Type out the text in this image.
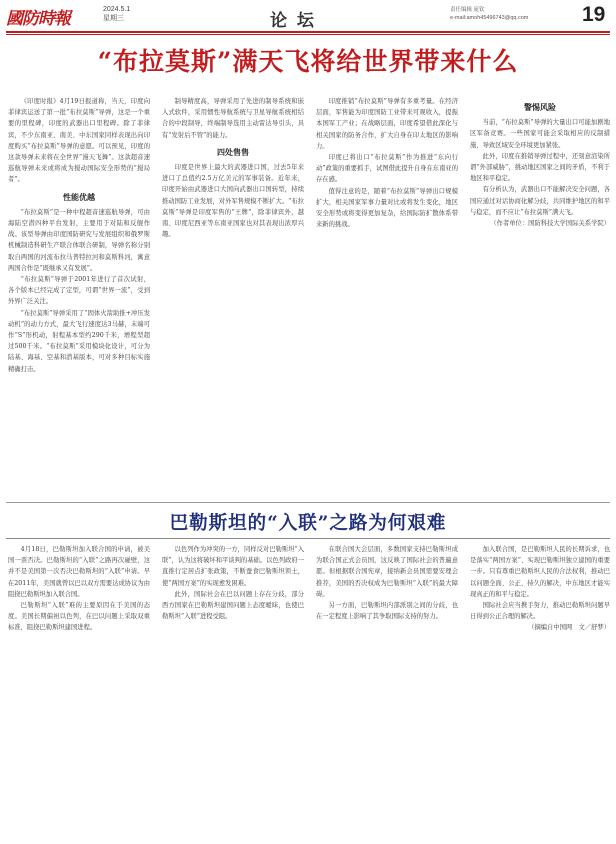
國防時報	2024.5.1
星期三	论 坛
责任编辑 庞钦
e-mail:amoh45496743@qq.com	19
“布拉莫斯”满天飞将给世界带来什么

《印度时报》4月19日报道称，当天，印度向菲律宾运送了第一批“布拉莫斯”导弹，这是一个重要的里程碑，印度的武器出口里程碑。除了菲律宾，不少东南亚、南美、中东国家同样表现出向印度购买“布拉莫斯”导弹的意愿。可以预见，印度的这款导弹未来将在全世界“漫天飞舞”。这款超音速巡航导弹未来或将成为搅动国际安全形势的“搅局者”。

性能优越

“布拉莫斯”是一种中程超音速巡航导弹，可由海陆空潜四种平台发射，主要用于对陆和反舰作战。该型导弹由印度国防研究与发展组织和俄罗斯机械制造科研生产联合体联合研制，导弹名称分别取自两国的河流布拉马普特拉河和莫斯科河，寓意两国合作是“既继承又有发展”。

“布拉莫斯”导弹于2001年进行了首次试射，各个版本已经完成了定型，可谓“世界一流”，受到外界广泛关注。

“布拉莫斯”导弹采用了“固体火箭助推+冲压发动机”的动力方式，最大飞行速度达3马赫，末端可作“S”形机动，射程基本型约290千米，增程型超过500千米。“布拉莫斯”采用模块化设计，可分为陆基、海基、空基和潜基版本，可对多种目标实施精确打击。

制导精度高，导弹采用了先进的制导系统和嵌入式软件，采用惯性导航系统与卫星导航系统相结合的中段制导，终端制导选用主动雷达导引头，具有“发射后不管”的能力。

四处售售

印度是世界上最大的武器进口国，过去5年来进口了总值约2.5万亿美元的军事装备。近年来，印度开始由武器进口大国向武器出口国转型，持续推动国防工业发展，对外军售规模不断扩大。“布拉莫斯”导弹是印度军售的“王牌”，除菲律宾外，越南、印度尼西亚等东南亚国家也对其表现出浓厚兴趣。

印度推销“布拉莫斯”导弹有多重考量。在经济层面，军售能为印度国防工业带来可观收入，提振本国军工产业；在战略层面，印度希望借此深化与相关国家的防务合作，扩大自身在印太地区的影响力。

印度已将出口“布拉莫斯”作为推进“东向行动”政策的重要抓手，试图借此提升自身在东南亚的存在感。

值得注意的是，随着“布拉莫斯”导弹出口规模扩大，相关国家军事力量对比或将发生变化，地区安全形势或将变得更加复杂，给国际防扩散体系带来新的挑战。

警惕风险

当前，“布拉莫斯”导弹的大量出口可能加剧地区军备竞赛。一些国家可能会采取相应的反制措施，导致区域安全环境更加紧张。

此外，印度在推销导弹过程中，还刻意渲染所谓“外部威胁”，挑动地区国家之间的矛盾，不利于地区和平稳定。

有分析认为，武器出口不能解决安全问题，各国应通过对话协商化解分歧，共同维护地区的和平与稳定，而不应让“布拉莫斯”满天飞。

（作者单位：国防科技大学国际关系学院）

巴勒斯坦的“入联”之路为何艰难

4月18日，巴勒斯坦加入联合国的申请，被美国一票否决。巴勒斯坦的“入联”之路再次碰壁，这并不是美国第一次否决巴勒斯坦的“入联”申请。早在2011年，美国就曾以巴以双方需要达成协议为由阻挠巴勒斯坦加入联合国。

巴勒斯坦“入联”难的主要原因在于美国的态度。美国长期偏袒以色列，在巴以问题上采取双重标准，阻挠巴勒斯坦建国进程。

以色列作为冲突的一方，同样反对巴勒斯坦“入联”，认为这将破坏和平谈判的基础。以色列政府一直推行定居点扩张政策，不断蚕食巴勒斯坦领土，使“两国方案”的实现愈发困难。

此外，国际社会在巴以问题上存在分歧，部分西方国家在巴勒斯坦建国问题上态度暧昧，也使巴勒斯坦“入联”进程受阻。

在联合国大会层面，多数国家支持巴勒斯坦成为联合国正式会员国，这反映了国际社会的普遍意愿。但根据联合国宪章，接纳新会员国需要安理会推荐，美国的否决权成为巴勒斯坦“入联”的最大障碍。

另一方面，巴勒斯坦内部派别之间的分歧，也在一定程度上影响了其争取国际支持的努力。

加入联合国，是巴勒斯坦人民的长期诉求，也是落实“两国方案”、实现巴勒斯坦独立建国的重要一步。只有尊重巴勒斯坦人民的合法权利，推动巴以问题全面、公正、持久的解决，中东地区才能实现真正的和平与稳定。

国际社会应当携手努力，推动巴勒斯坦问题早日得到公正合理的解决。

（摘编自中国网　文／舒梦）
